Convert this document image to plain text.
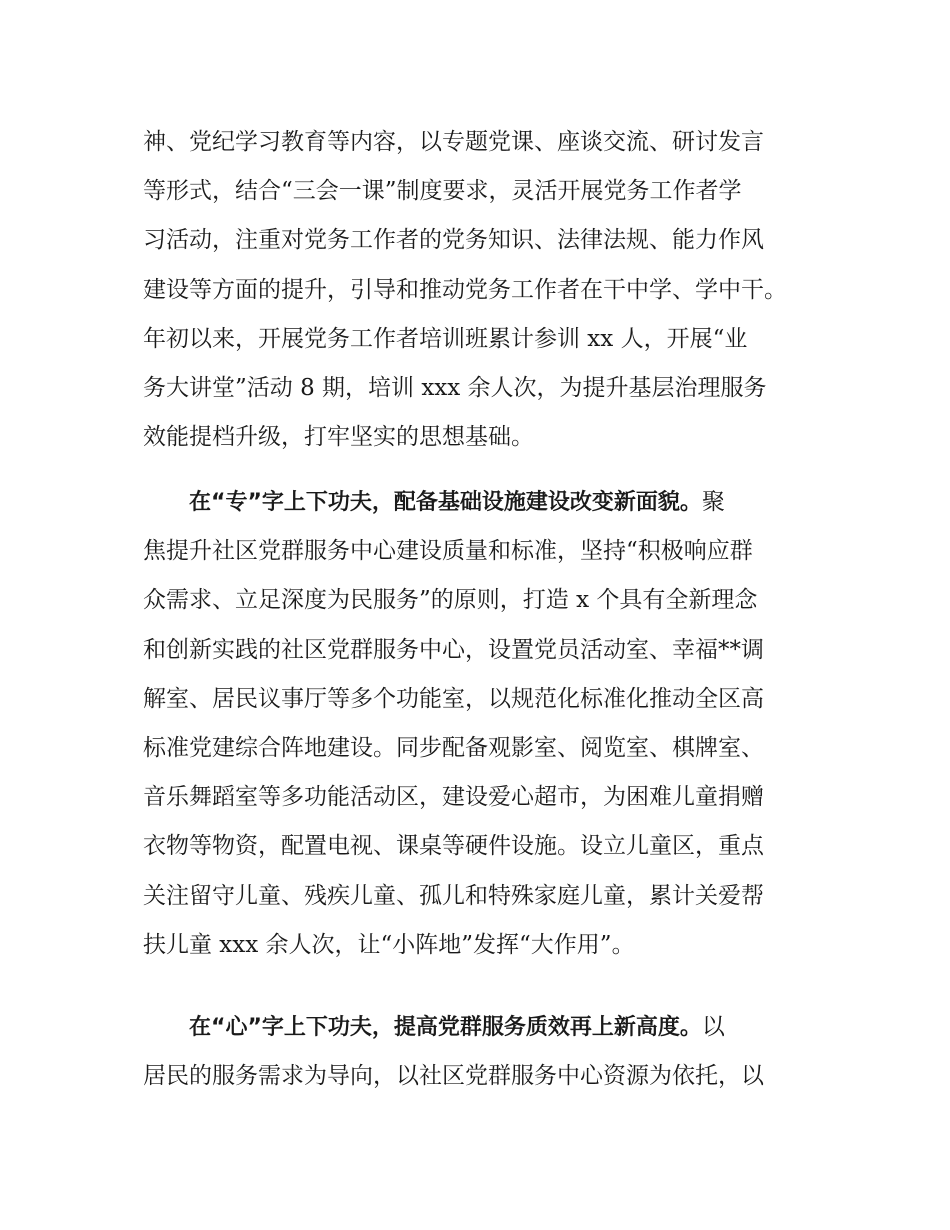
神、党纪学习教育等内容，以专题党课、座谈交流、研讨发言
等形式，结合“三会一课”制度要求，灵活开展党务工作者学
习活动，注重对党务工作者的党务知识、法律法规、能力作风
建设等方面的提升，引导和推动党务工作者在干中学、学中干。
年初以来，开展党务工作者培训班累计参训 xx 人，开展“业
务大讲堂”活动 8 期，培训 xxx 余人次，为提升基层治理服务
效能提档升级，打牢坚实的思想基础。
在“专”字上下功夫，配备基础设施建设改变新面貌。聚
焦提升社区党群服务中心建设质量和标准，坚持“积极响应群
众需求、立足深度为民服务”的原则，打造 x 个具有全新理念
和创新实践的社区党群服务中心，设置党员活动室、幸福**调
解室、居民议事厅等多个功能室，以规范化标准化推动全区高
标准党建综合阵地建设。同步配备观影室、阅览室、棋牌室、
音乐舞蹈室等多功能活动区，建设爱心超市，为困难儿童捐赠
衣物等物资，配置电视、课桌等硬件设施。设立儿童区，重点
关注留守儿童、残疾儿童、孤儿和特殊家庭儿童，累计关爱帮
扶儿童 xxx 余人次，让“小阵地”发挥“大作用”。
在“心”字上下功夫，提高党群服务质效再上新高度。以
居民的服务需求为导向，以社区党群服务中心资源为依托，以
